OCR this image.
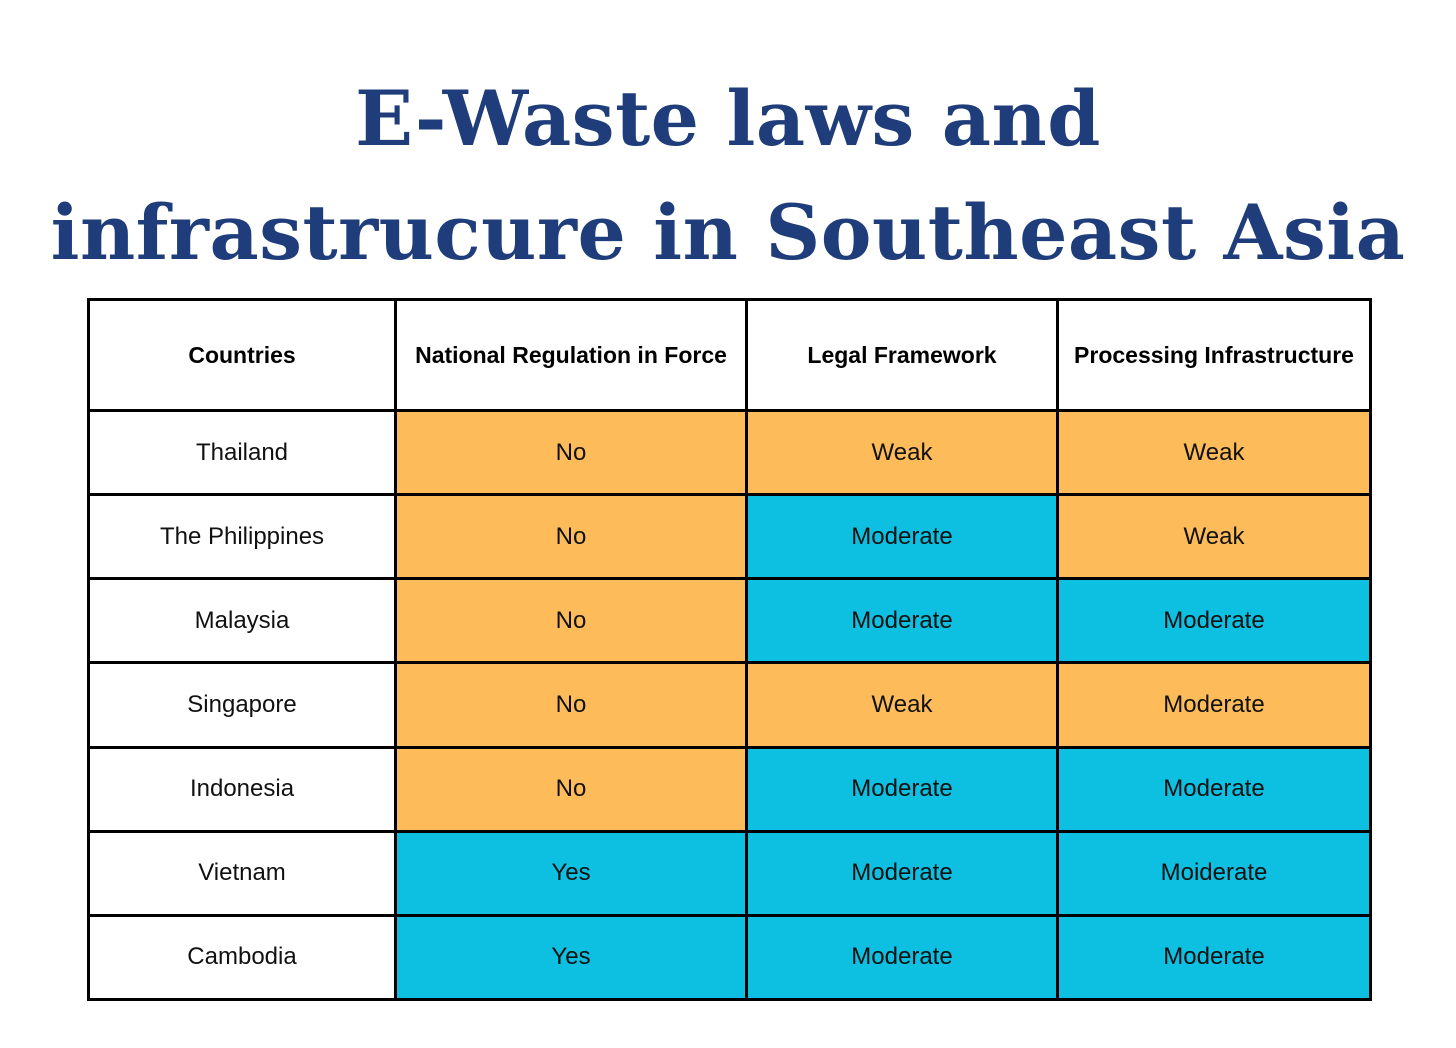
E-Waste laws and
infrastrucure in Southeast Asia
Countries	National Regulation in Force	Legal Framework	Processing Infrastructure
Thailand	No	Weak	Weak
The Philippines	No	Moderate	Weak
Malaysia	No	Moderate	Moderate
Singapore	No	Weak	Moderate
Indonesia	No	Moderate	Moderate
Vietnam	Yes	Moderate	Moiderate
Cambodia	Yes	Moderate	Moderate
